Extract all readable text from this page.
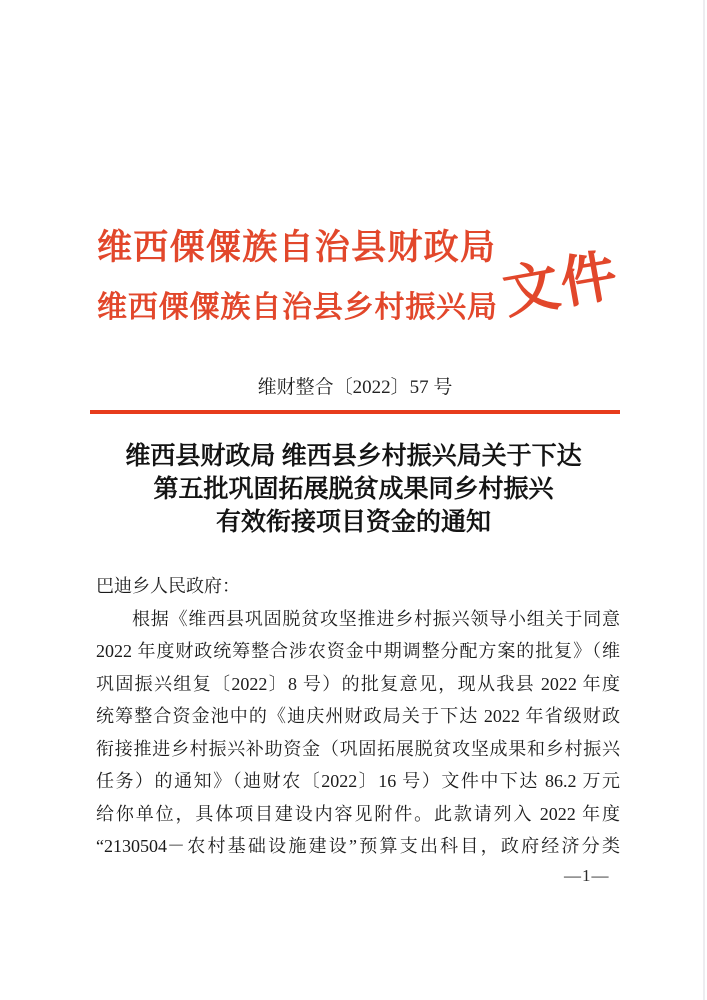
维西傈僳族自治县财政局
维西傈僳族自治县乡村振兴局 文件
维财整合〔2022〕57 号
维西县财政局 维西县乡村振兴局关于下达
第五批巩固拓展脱贫成果同乡村振兴
有效衔接项目资金的通知
巴迪乡人民政府：
根据《维西县巩固脱贫攻坚推进乡村振兴领导小组关于同意
2022 年度财政统筹整合涉农资金中期调整分配方案的批复》（维
巩固振兴组复〔2022〕8 号）的批复意见，现从我县 2022 年度
统筹整合资金池中的《迪庆州财政局关于下达 2022 年省级财政
衔接推进乡村振兴补助资金（巩固拓展脱贫攻坚成果和乡村振兴
任务）的通知》（迪财农〔2022〕16 号）文件中下达 86.2 万元
给你单位，具体项目建设内容见附件。此款请列入 2022 年度
“2130504－农村基础设施建设”预算支出科目，政府经济分类
—1—
